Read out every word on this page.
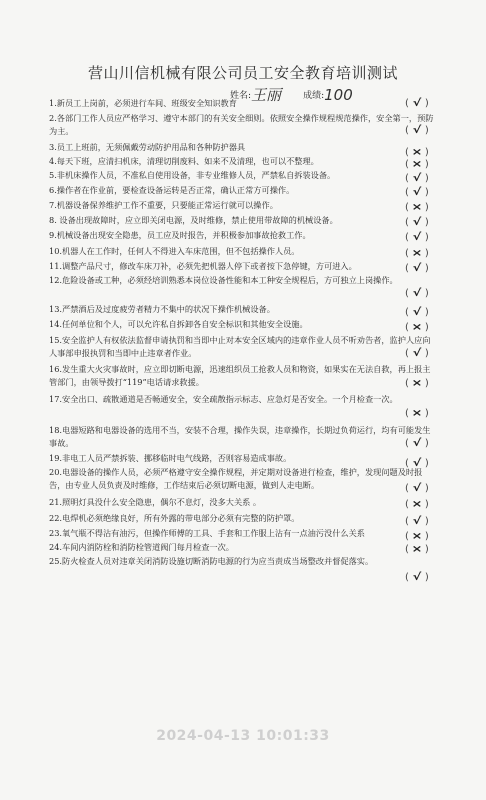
营山川信机械有限公司员工安全教育培训测试
姓名:王丽 成绩:100
1.新员工上岗前，必须进行车间、班级安全知识教育	( √ )
2.各部门工作人员应严格学习、遵守本部门的有关安全细则。依照安全操作规程规范操作，安全第一，预防为主。	( √ )
3.员工上班前，无须佩戴劳动防护用品和各种防护器具	( × )
4.每天下班，应清扫机床，清理切削废料、如来不及清理，也可以不整理。	( × )
5.非机床操作人员，不准私自使用设备，非专业维修人员，严禁私自拆装设备。	( √ )
6.操作者在作业前，要检查设备运转是否正常，确认正常方可操作。	( √ )
7.机器设备保养维护工作不重要，只要能正常运行就可以操作。	( × )
8. 设备出现故障时，应立即关闭电源，及时维修，禁止使用带故障的机械设备。	( √ )
9.机械设备出现安全隐患，员工应及时报告，并积极参加事故抢救工作。	( √ )
10.机器人在工作时，任何人不得进入车床范围，但不包括操作人员。	( × )
11.调整产品尺寸，修改车床刀补，必须先把机器人停下或者按下急停键，方可进入。	( √ )
12.危险设备或工种，必须经培训熟悉本岗位设备性能和本工种安全规程后，方可独立上岗操作。
( √ )
13.严禁酒后及过度疲劳者精力不集中的状况下操作机械设备。	( √ )
14.任何单位和个人，可以允许私自拆卸各自安全标识和其他安全设施。	( × )
15.安全监护人有权依法监督申请执罚和当即中止对本安全区域内的违章作业人员不听劝告者，监护人应向人事部申报执罚和当即中止违章者作业。	( √ )
16.发生重大火灾事故时，应立即切断电源，迅速组织员工抢救人员和物资，如果实在无法自救，再上报主管部门，由领导拨打“119”电话请求救援。	( × )
17.安全出口、疏散通道是否畅通安全，安全疏散指示标志、应急灯是否安全。一个月检查一次。
( × )
18.电器短路和电器设备的选用不当，安装不合理，操作失误，违章操作，长期过负荷运行，均有可能发生事故。	( √ )
19.非电工人员严禁拆装、挪移临时电气线路，否则容易造成事故。	( √ )
20.电器设备的操作人员，必须严格遵守安全操作规程，并定期对设备进行检查，维护，发现问题及时报告，由专业人员负责及时维修，工作结束后必须切断电源，做到人走电断。	( √ )
21.照明灯具没什么安全隐患，偶尔不息灯，没多大关系 。	( × )
22.电焊机必须绝缘良好，所有外露的带电部分必须有完整的防护罩。	( √ )
23.氧气瓶不得沾有油污，但操作师傅的工具、手套和工作服上沾有一点油污没什么关系	( × )
24.车间内消防栓和消防栓管道阀门每月检查一次。	( × )
25.防火检查人员对违章关闭消防设施切断消防电源的行为应当责成当场整改并督促落实。
( √ )
2024-04-13 10:01:33
